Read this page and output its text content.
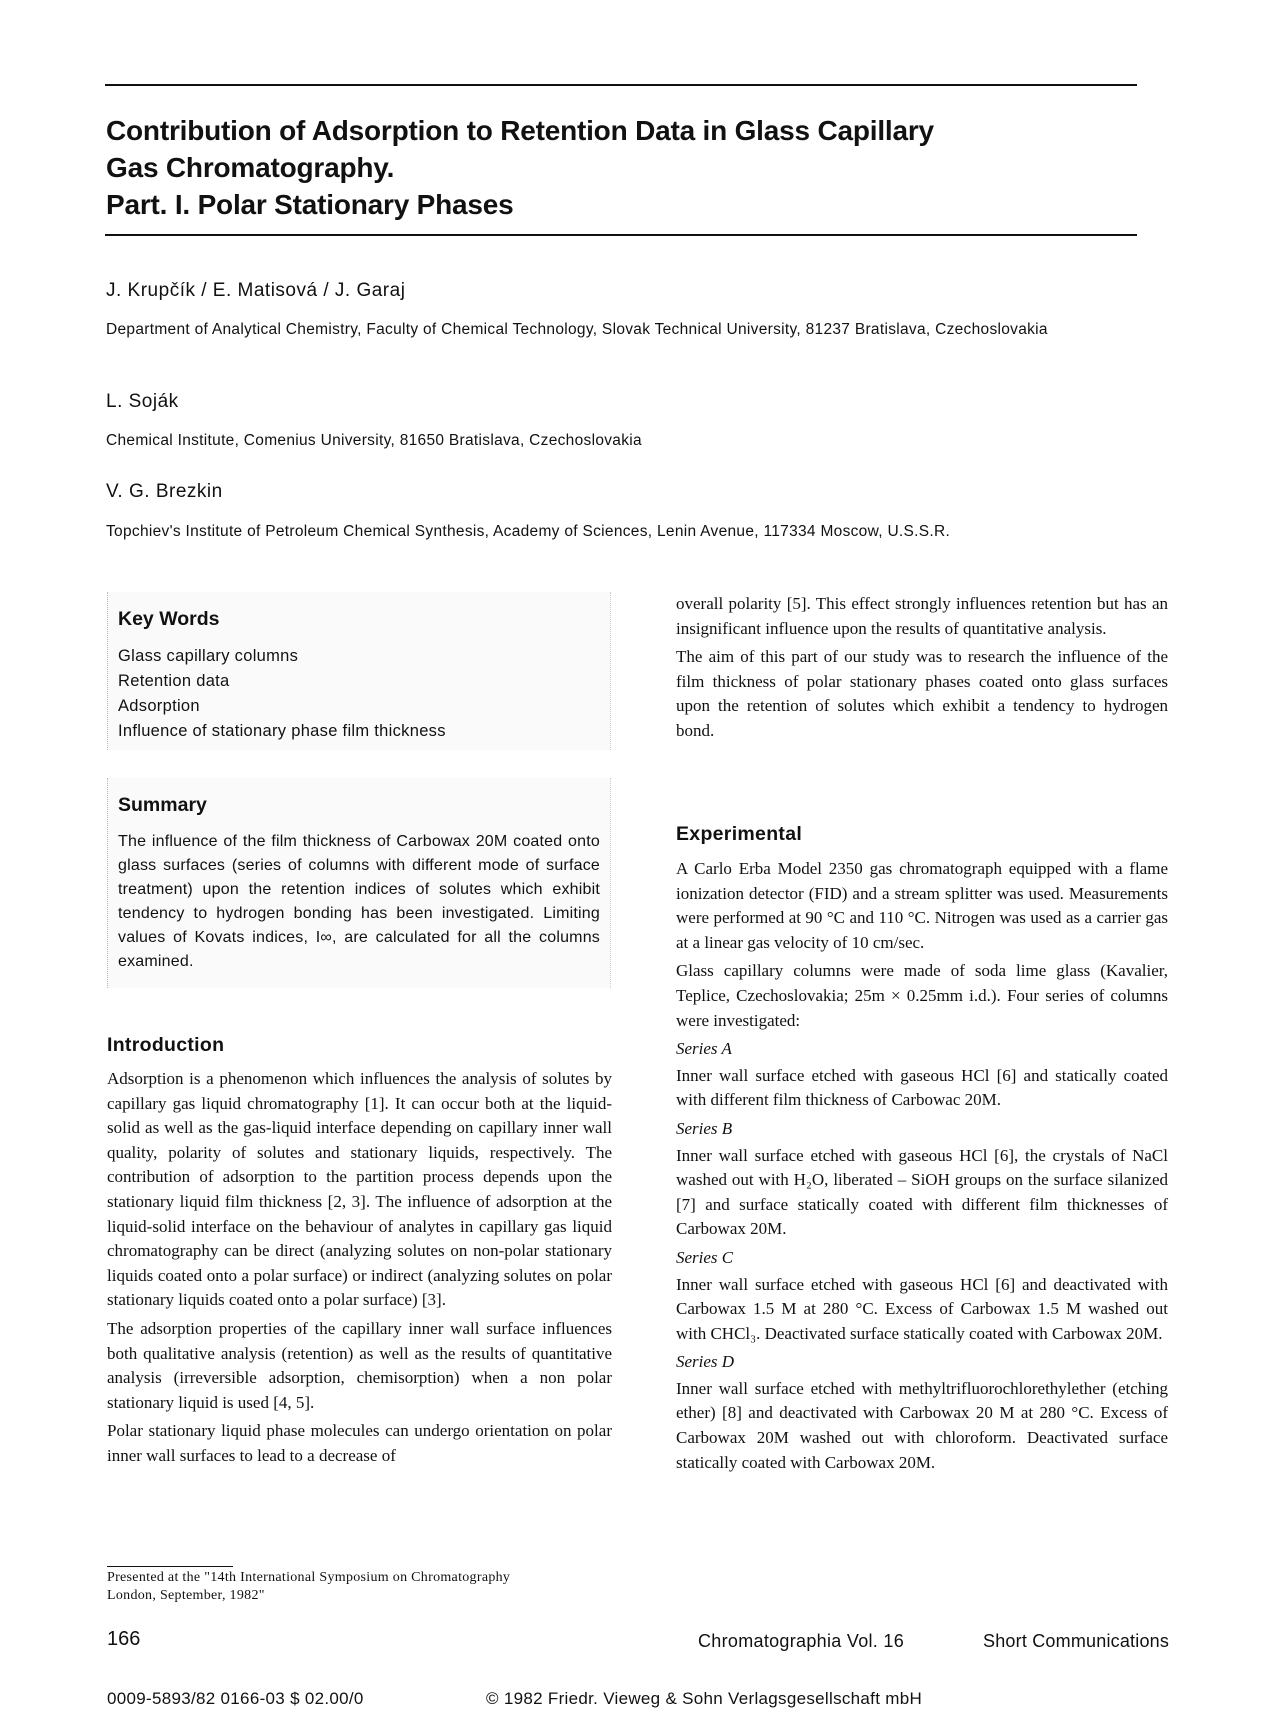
Contribution of Adsorption to Retention Data in Glass Capillary
Gas Chromatography.
Part. I. Polar Stationary Phases
J. Krupčík / E. Matisová / J. Garaj
Department of Analytical Chemistry, Faculty of Chemical Technology, Slovak Technical University, 81237 Bratislava, Czechoslovakia
L. Soják
Chemical Institute, Comenius University, 81650 Bratislava, Czechoslovakia
V. G. Brezkin
Topchiev's Institute of Petroleum Chemical Synthesis, Academy of Sciences, Lenin Avenue, 117334 Moscow, U.S.S.R.
Key Words
Glass capillary columns
Retention data
Adsorption
Influence of stationary phase film thickness
Summary
The influence of the film thickness of Carbowax 20M coated onto glass surfaces (series of columns with different mode of surface treatment) upon the retention indices of solutes which exhibit tendency to hydrogen bonding has been investigated. Limiting values of Kovats indices, I∞, are calculated for all the columns examined.
Introduction

Adsorption is a phenomenon which influences the analysis of solutes by capillary gas liquid chromatography [1]. It can occur both at the liquid-solid as well as the gas-liquid interface depending on capillary inner wall quality, polarity of solutes and stationary liquids, respectively. The contribution of adsorption to the partition process depends upon the stationary liquid film thickness [2, 3]. The influence of adsorption at the liquid-solid interface on the behaviour of analytes in capillary gas liquid chromatography can be direct (analyzing solutes on non-polar stationary liquids coated onto a polar surface) or indirect (analyzing solutes on polar stationary liquids coated onto a polar surface) [3].

The adsorption properties of the capillary inner wall surface influences both qualitative analysis (retention) as well as the results of quantitative analysis (irreversible adsorption, chemisorption) when a non polar stationary liquid is used [4, 5].

Polar stationary liquid phase molecules can undergo orientation on polar inner wall surfaces to lead to a decrease of

overall polarity [5]. This effect strongly influences retention but has an insignificant influence upon the results of quantitative analysis.

The aim of this part of our study was to research the influence of the film thickness of polar stationary phases coated onto glass surfaces upon the retention of solutes which exhibit a tendency to hydrogen bond.

Experimental

A Carlo Erba Model 2350 gas chromatograph equipped with a flame ionization detector (FID) and a stream splitter was used. Measurements were performed at 90 °C and 110 °C. Nitrogen was used as a carrier gas at a linear gas velocity of 10 cm/sec.

Glass capillary columns were made of soda lime glass (Kavalier, Teplice, Czechoslovakia; 25m × 0.25mm i.d.). Four series of columns were investigated:

Series A

Inner wall surface etched with gaseous HCl [6] and statically coated with different film thickness of Carbowac 20M.

Series B

Inner wall surface etched with gaseous HCl [6], the crystals of NaCl washed out with H₂O, liberated – SiOH groups on the surface silanized [7] and surface statically coated with different film thicknesses of Carbowax 20M.

Series C

Inner wall surface etched with gaseous HCl [6] and deactivated with Carbowax 1.5 M at 280 °C. Excess of Carbowax 1.5 M washed out with CHCl₃. Deactivated surface statically coated with Carbowax 20M.

Series D

Inner wall surface etched with methyltrifluorochlorethylether (etching ether) [8] and deactivated with Carbowax 20 M at 280 °C. Excess of Carbowax 20M washed out with chloroform. Deactivated surface statically coated with Carbowax 20M.

Presented at the "14th International Symposium on Chromatography
London, September, 1982"
166	Chromatographia Vol. 16	Short Communications
0009-5893/82 0166-03 $ 02.00/0	© 1982 Friedr. Vieweg & Sohn Verlagsgesellschaft mbH
